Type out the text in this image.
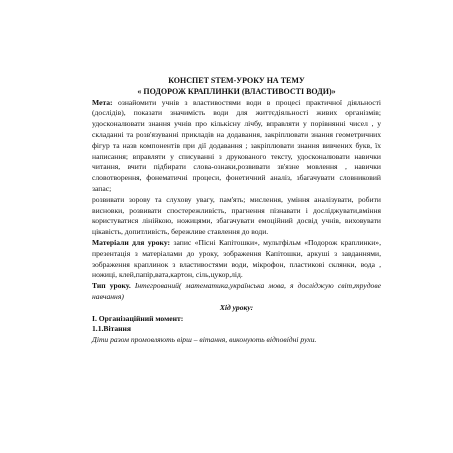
КОНСПЕТ STEM-УРОКУ НА ТЕМУ

« ПОДОРОЖ КРАПЛИНКИ (ВЛАСТИВОСТІ ВОДИ)»

Мета: ознайомити учнів з властивостями води в процесі практичної діяльності (дослідів), показати значимість води для життєдіяльності живих організмів; удосконалювати знання учнів про кількісну лічбу, вправляти у порівнянні чисел , у складанні та розв'язуванні прикладів на додавання, закріплювати знання геометричних фігур та назв компонентів при дії додавання ; закріплювати знання вивчених букв, їх написання; вправляти у списуванні з друкованого тексту, удосконалювати навички читання, вчити підбирати слова-ознаки,розвивати зв'язне мовлення , навички словотворення, фонематичні процеси, фонетичний аналіз, збагачувати словниковий запас;

розвивати зорову та слухову увагу, пам'ять; мислення, уміння аналізувати, робити висновки, розвивати спостережливість, прагнення пізнавати і досліджувати,вміння користуватися лінійкою, ножицями, збагачувати емоційний досвід учнів, виховувати цікавість, допитливість, бережливе ставлення до води.

Матеріали для уроку: запис «Пісні Капітошки», мультфільм «Подорож краплинки», презентація з матеріалами до уроку, зображення Капітошки, аркуші з завданнями, зображення краплинок з властивостями води, мікрофон, пластикові склянки, вода , ножиці, клей,папір,вата,картон, сіль,цукор,лід.

Тип уроку. Інтегрований( математика,українська мова, я досліджую світ,трудове навчання)

Хід уроку:

І. Організаційний момент:

1.1.Вітання

Діти разом промовляють вірш – вітання, виконують відповідні рухи.
